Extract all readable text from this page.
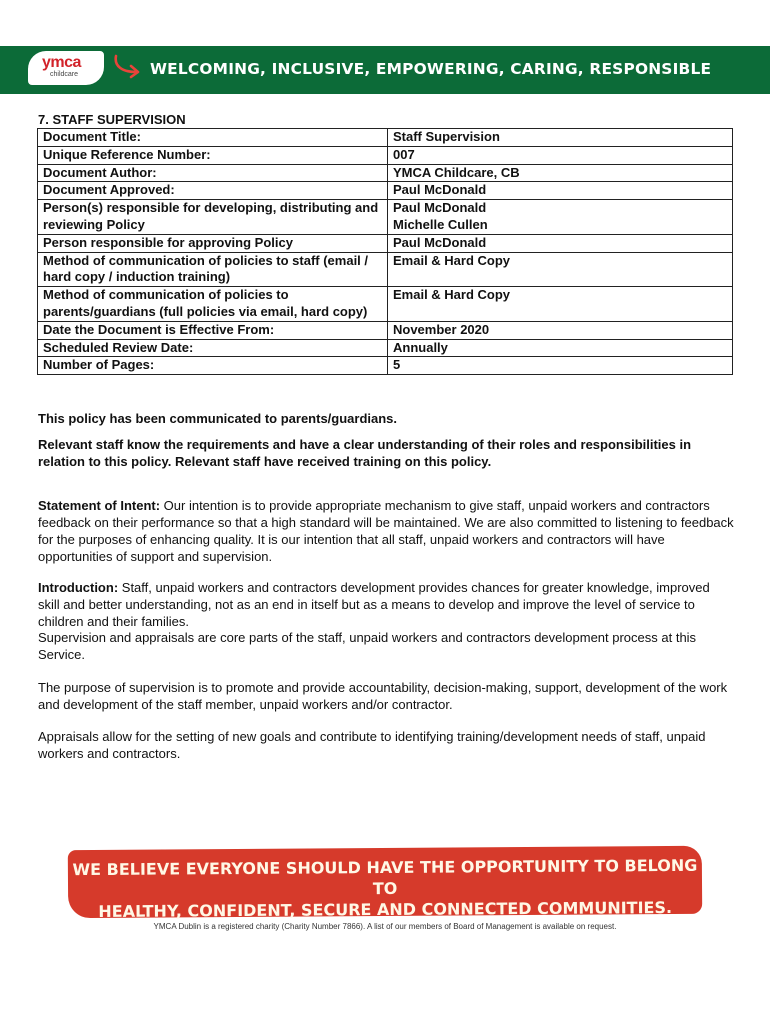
ymca
childcare	WELCOMING, INCLUSIVE, EMPOWERING, CARING, RESPONSIBLE
7. STAFF SUPERVISION
Document Title:	Staff Supervision
Unique Reference Number:	007
Document Author:	YMCA Childcare, CB
Document Approved:	Paul McDonald
Person(s) responsible for developing, distributing and reviewing Policy	Paul McDonald
Michelle Cullen
Person responsible for approving Policy	Paul McDonald
Method of communication of policies to staff (email / hard copy / induction training)	Email & Hard Copy
Method of communication of policies to parents/guardians (full policies via email, hard copy)	Email & Hard Copy
Date the Document is Effective From:	November 2020
Scheduled Review Date:	Annually
Number of Pages:	5

This policy has been communicated to parents/guardians.

Relevant staff know the requirements and have a clear understanding of their roles and responsibilities in relation to this policy. Relevant staff have received training on this policy.

Statement of Intent: Our intention is to provide appropriate mechanism to give staff, unpaid workers and contractors feedback on their performance so that a high standard will be maintained. We are also committed to listening to feedback for the purposes of enhancing quality. It is our intention that all staff, unpaid workers and contractors will have opportunities of support and supervision.

Introduction: Staff, unpaid workers and contractors development provides chances for greater knowledge, improved skill and better understanding, not as an end in itself but as a means to develop and improve the level of service to children and their families.

Supervision and appraisals are core parts of the staff, unpaid workers and contractors development process at this Service.

The purpose of supervision is to promote and provide accountability, decision-making, support, development of the work and development of the staff member, unpaid workers and/or contractor.

Appraisals allow for the setting of new goals and contribute to identifying training/development needs of staff, unpaid workers and contractors.

WE BELIEVE EVERYONE SHOULD HAVE THE OPPORTUNITY TO BELONG TO
HEALTHY, CONFIDENT, SECURE AND CONNECTED COMMUNITIES.
YMCA Dublin is a registered charity (Charity Number 7866). A list of our members of Board of Management is available on request.
